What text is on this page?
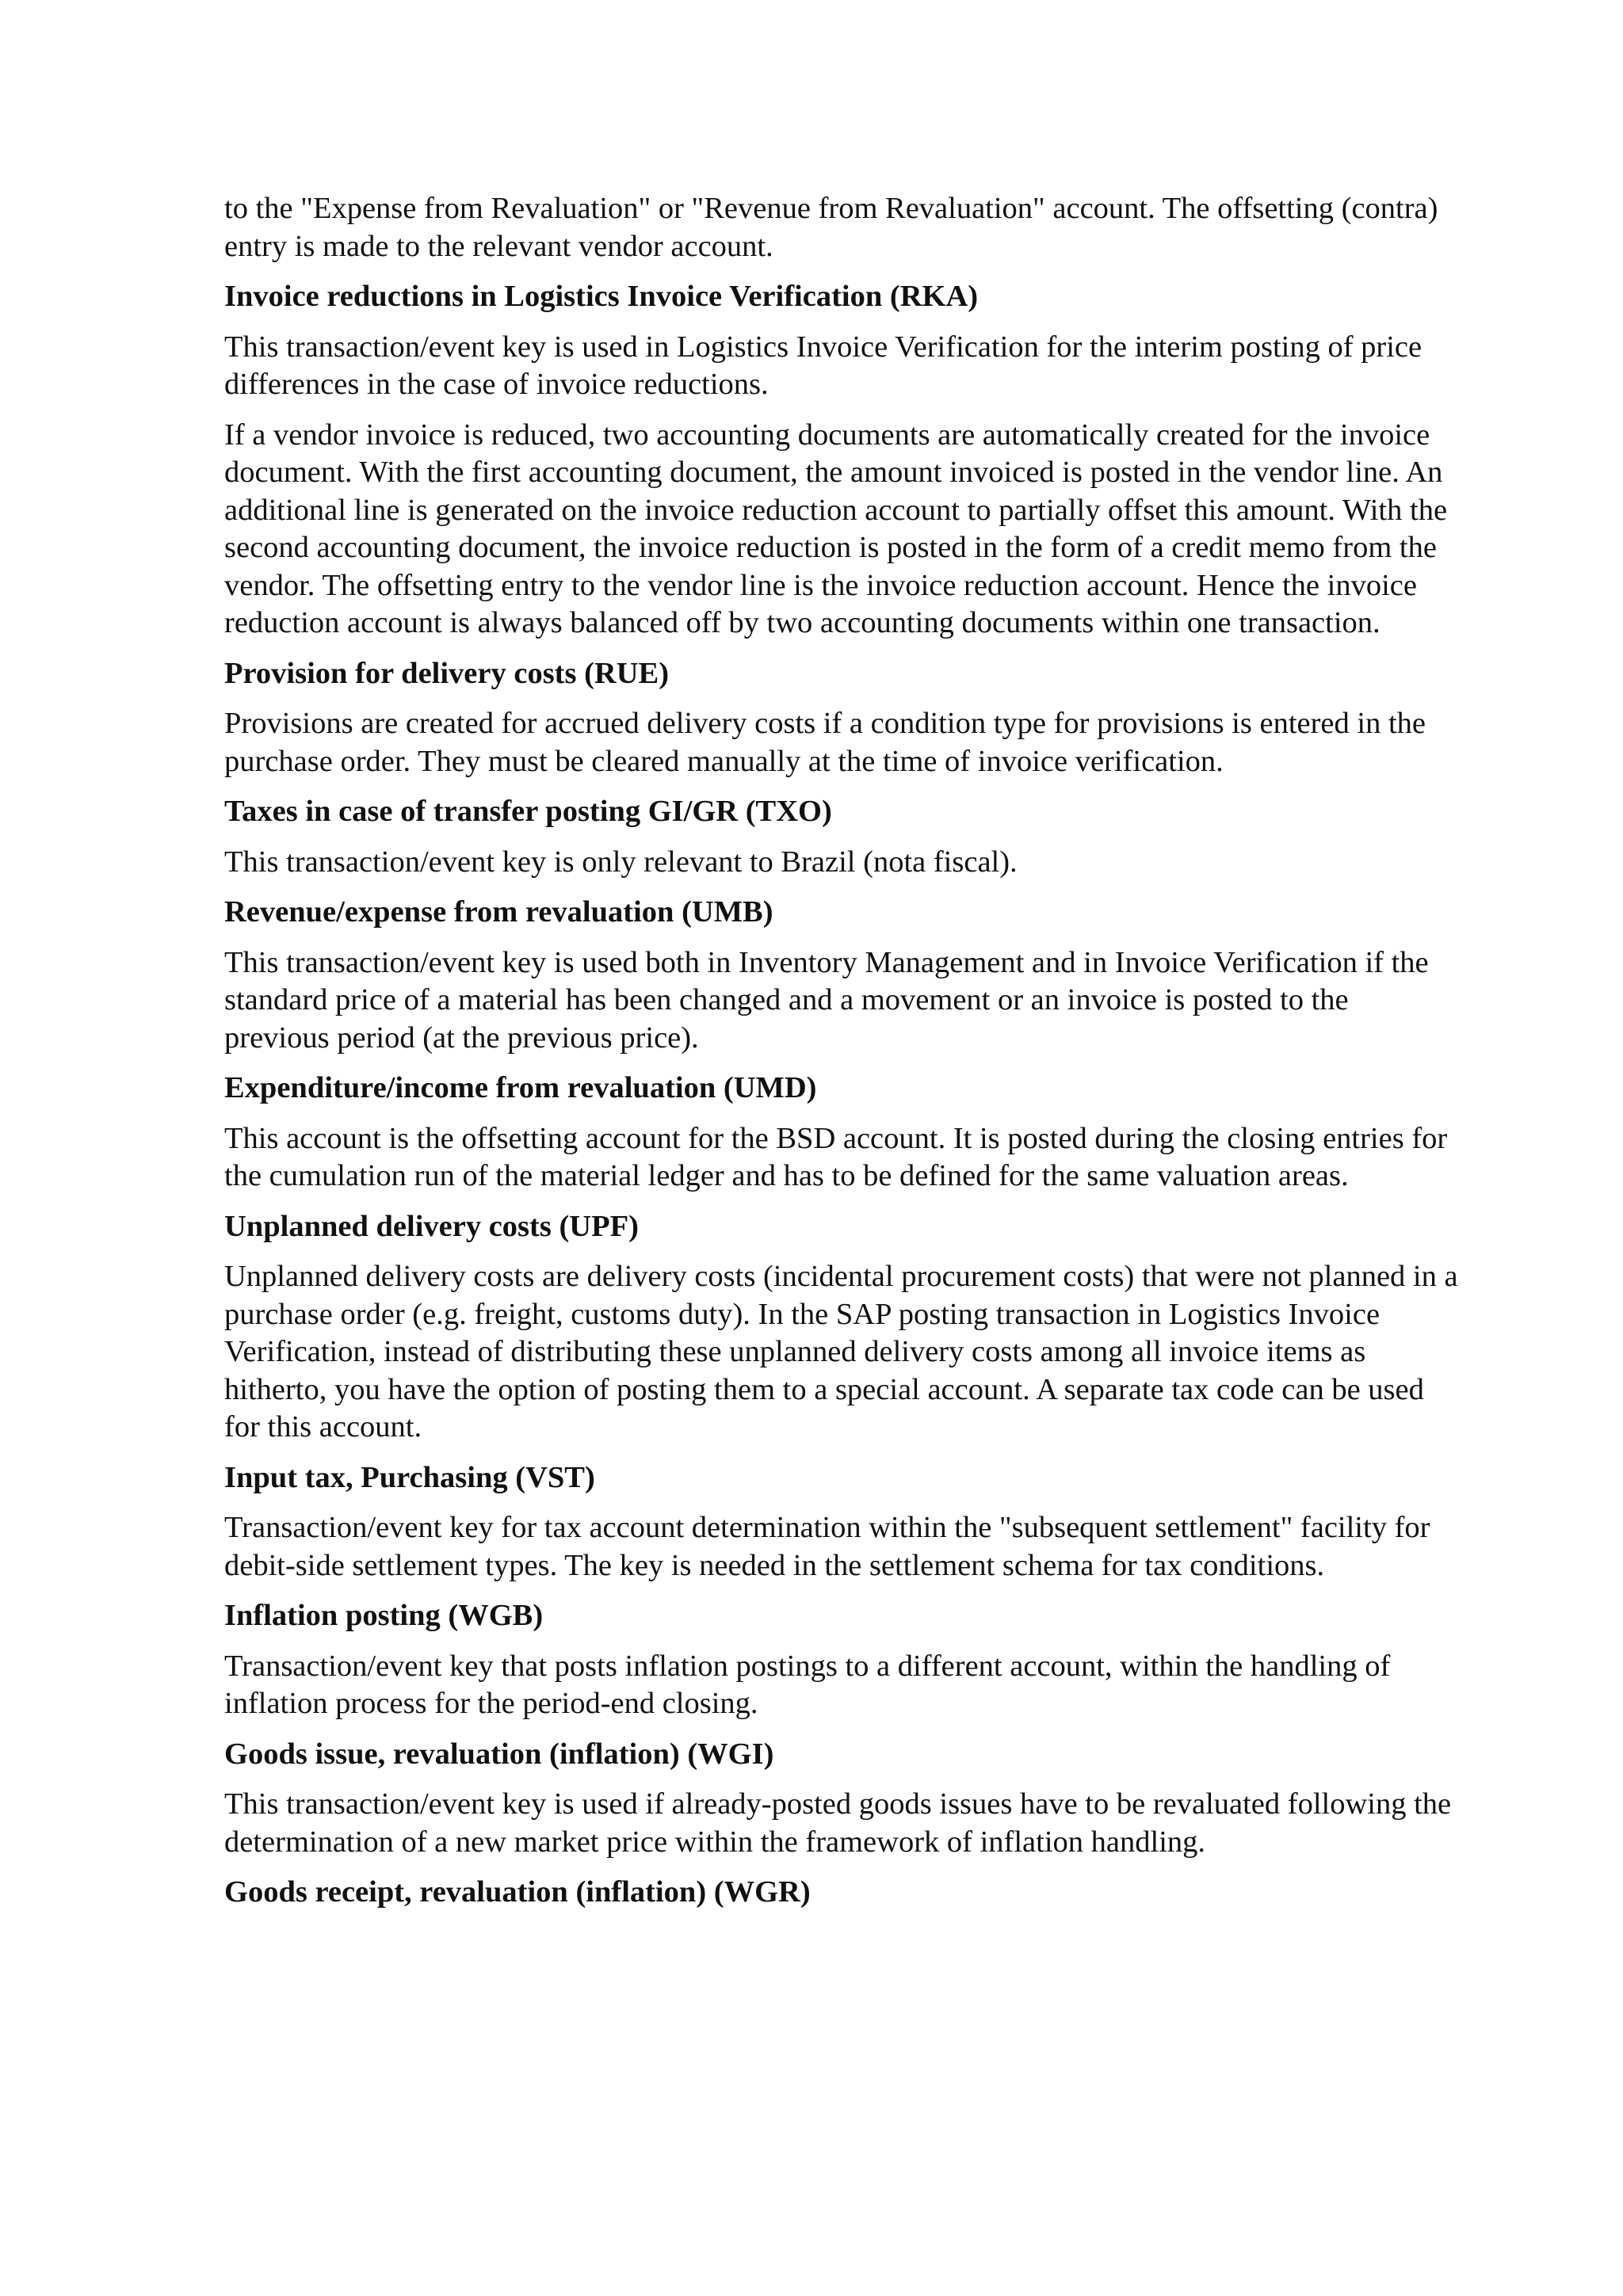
to the "Expense from Revaluation" or "Revenue from Revaluation" account. The offsetting (contra) entry is made to the relevant vendor account.

Invoice reductions in Logistics Invoice Verification (RKA)

This transaction/event key is used in Logistics Invoice Verification for the interim posting of price differences in the case of invoice reductions.

If a vendor invoice is reduced, two accounting documents are automatically created for the invoice document. With the first accounting document, the amount invoiced is posted in the vendor line. An additional line is generated on the invoice reduction account to partially offset this amount. With the second accounting document, the invoice reduction is posted in the form of a credit memo from the vendor. The offsetting entry to the vendor line is the invoice reduction account. Hence the invoice reduction account is always balanced off by two accounting documents within one transaction.

Provision for delivery costs (RUE)

Provisions are created for accrued delivery costs if a condition type for provisions is entered in the purchase order. They must be cleared manually at the time of invoice verification.

Taxes in case of transfer posting GI/GR (TXO)

This transaction/event key is only relevant to Brazil (nota fiscal).

Revenue/expense from revaluation (UMB)

This transaction/event key is used both in Inventory Management and in Invoice Verification if the standard price of a material has been changed and a movement or an invoice is posted to the previous period (at the previous price).

Expenditure/income from revaluation (UMD)

This account is the offsetting account for the BSD account. It is posted during the closing entries for the cumulation run of the material ledger and has to be defined for the same valuation areas.

Unplanned delivery costs (UPF)

Unplanned delivery costs are delivery costs (incidental procurement costs) that were not planned in a purchase order (e.g. freight, customs duty). In the SAP posting transaction in Logistics Invoice Verification, instead of distributing these unplanned delivery costs among all invoice items as hitherto, you have the option of posting them to a special account. A separate tax code can be used for this account.

Input tax, Purchasing (VST)

Transaction/event key for tax account determination within the "subsequent settlement" facility for debit-side settlement types. The key is needed in the settlement schema for tax conditions.

Inflation posting (WGB)

Transaction/event key that posts inflation postings to a different account, within the handling of inflation process for the period-end closing.

Goods issue, revaluation (inflation) (WGI)

This transaction/event key is used if already-posted goods issues have to be revaluated following the determination of a new market price within the framework of inflation handling.

Goods receipt, revaluation (inflation) (WGR)
